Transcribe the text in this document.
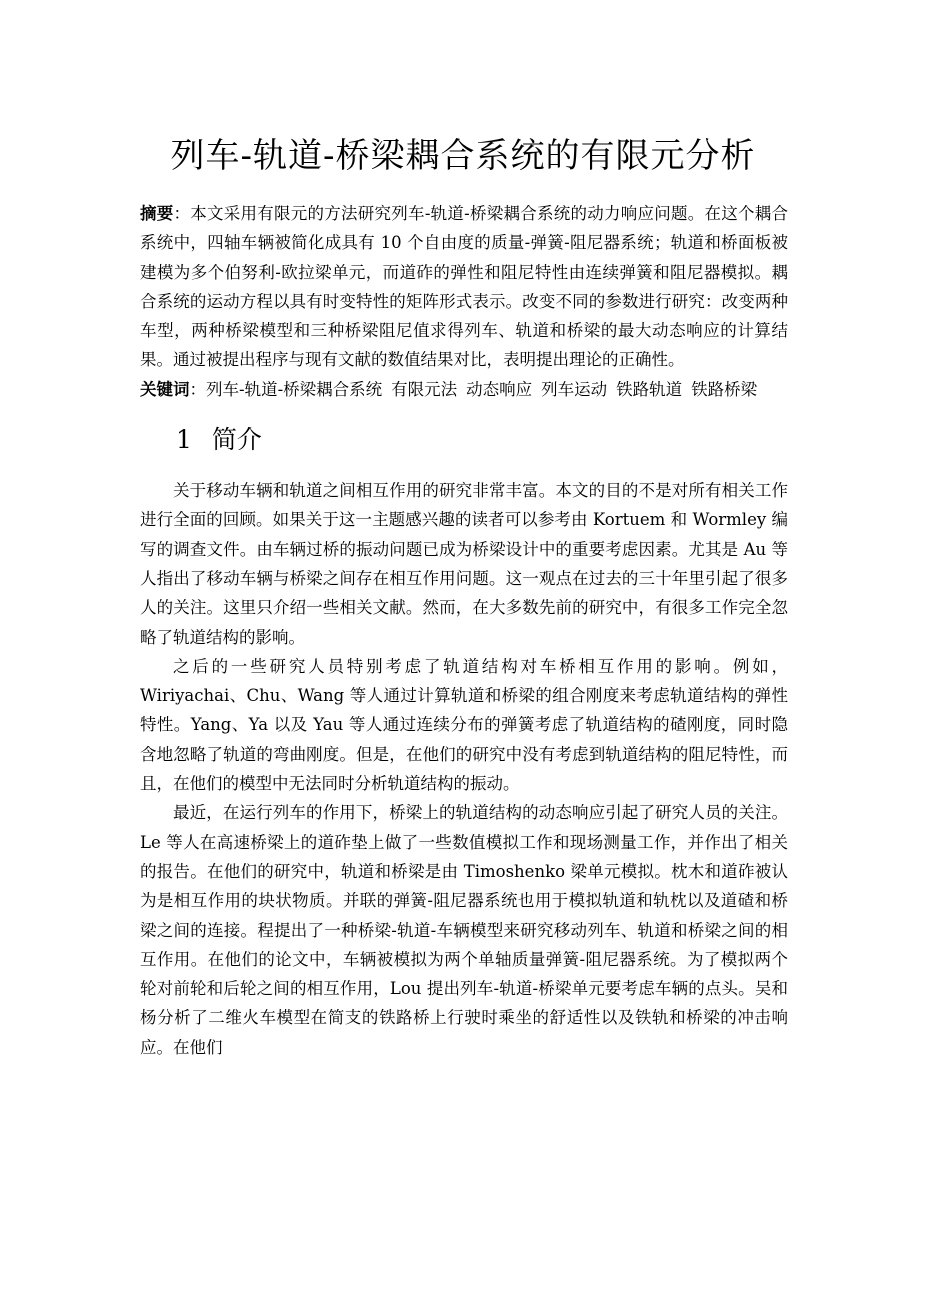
列车-轨道-桥梁耦合系统的有限元分析

摘要：本文采用有限元的方法研究列车-轨道-桥梁耦合系统的动力响应问题。在这个耦合系统中，四轴车辆被简化成具有 10 个自由度的质量-弹簧-阻尼器系统；轨道和桥面板被建模为多个伯努利-欧拉梁单元，而道砟的弹性和阻尼特性由连续弹簧和阻尼器模拟。耦合系统的运动方程以具有时变特性的矩阵形式表示。改变不同的参数进行研究：改变两种车型，两种桥梁模型和三种桥梁阻尼值求得列车、轨道和桥梁的最大动态响应的计算结果。通过被提出程序与现有文献的数值结果对比，表明提出理论的正确性。

关键词：列车-轨道-桥梁耦合系统 有限元法 动态响应 列车运动 铁路轨道 铁路桥梁

1 简介

关于移动车辆和轨道之间相互作用的研究非常丰富。本文的目的不是对所有相关工作进行全面的回顾。如果关于这一主题感兴趣的读者可以参考由 Kortuem 和 Wormley 编写的调查文件。由车辆过桥的振动问题已成为桥梁设计中的重要考虑因素。尤其是 Au 等人指出了移动车辆与桥梁之间存在相互作用问题。这一观点在过去的三十年里引起了很多人的关注。这里只介绍一些相关文献。然而，在大多数先前的研究中，有很多工作完全忽略了轨道结构的影响。

之后的一些研究人员特别考虑了轨道结构对车桥相互作用的影响。例如，Wiriyachai、Chu、Wang 等人通过计算轨道和桥梁的组合刚度来考虑轨道结构的弹性特性。Yang、Ya 以及 Yau 等人通过连续分布的弹簧考虑了轨道结构的碴刚度，同时隐含地忽略了轨道的弯曲刚度。但是，在他们的研究中没有考虑到轨道结构的阻尼特性，而且，在他们的模型中无法同时分析轨道结构的振动。

最近，在运行列车的作用下，桥梁上的轨道结构的动态响应引起了研究人员的关注。Le 等人在高速桥梁上的道砟垫上做了一些数值模拟工作和现场测量工作，并作出了相关的报告。在他们的研究中，轨道和桥梁是由 Timoshenko 梁单元模拟。枕木和道砟被认为是相互作用的块状物质。并联的弹簧-阻尼器系统也用于模拟轨道和轨枕以及道碴和桥梁之间的连接。程提出了一种桥梁-轨道-车辆模型来研究移动列车、轨道和桥梁之间的相互作用。在他们的论文中，车辆被模拟为两个单轴质量弹簧-阻尼器系统。为了模拟两个轮对前轮和后轮之间的相互作用，Lou 提出列车-轨道-桥梁单元要考虑车辆的点头。吴和杨分析了二维火车模型在简支的铁路桥上行驶时乘坐的舒适性以及铁轨和桥梁的冲击响应。在他们
